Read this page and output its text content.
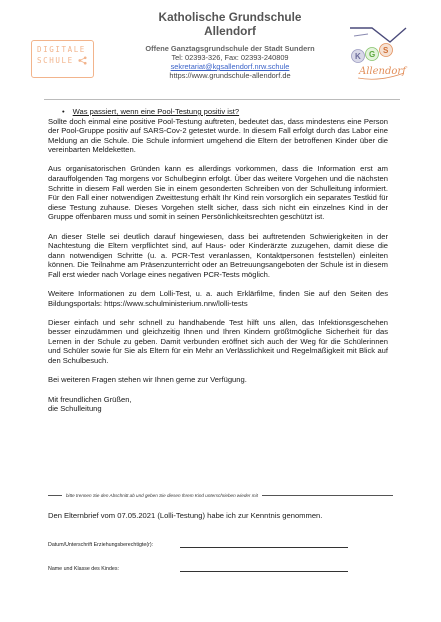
DIGITALE
SCHULE
Katholische Grundschule
Allendorf
Offene Ganztagsgrundschule der Stadt Sundern
Tel: 02393-326, Fax: 02393-240809
sekretariat@kgsallendorf.nrw.schule
https://www.grundschule-allendorf.de
K G S
Allendorf
• Was passiert, wenn eine Pool-Testung positiv ist?

Sollte doch einmal eine positive Pool-Testung auftreten, bedeutet das, dass mindestens eine Person der Pool-Gruppe positiv auf SARS-Cov-2 getestet wurde. In diesem Fall erfolgt durch das Labor eine Meldung an die Schule. Die Schule informiert umgehend die Eltern der betroffenen Kinder über die vereinbarten Meldeketten.

Aus organisatorischen Gründen kann es allerdings vorkommen, dass die Information erst am darauffolgenden Tag morgens vor Schulbeginn erfolgt. Über das weitere Vorgehen und die nächsten Schritte in diesem Fall werden Sie in einem gesonderten Schreiben von der Schulleitung informiert. Für den Fall einer notwendigen Zweittestung erhält Ihr Kind rein vorsorglich ein separates Testkid für diese Testung zuhause. Dieses Vorgehen stellt sicher, dass sich nicht ein einzelnes Kind in der Gruppe offenbaren muss und somit in seinen Persönlichkeitsrechten geschützt ist.

An dieser Stelle sei deutlich darauf hingewiesen, dass bei auftretenden Schwierigkeiten in der Nachtestung die Eltern verpflichtet sind, auf Haus- oder Kinderärzte zuzugehen, damit diese die dann notwendigen Schritte (u. a. PCR-Test veranlassen, Kontaktpersonen feststellen) einleiten können. Die Teilnahme am Präsenzunterricht oder an Betreuungsangeboten der Schule ist in diesem Fall erst wieder nach Vorlage eines negativen PCR-Tests möglich.

Weitere Informationen zu dem Lolli-Test, u. a. auch Erklärfilme, finden Sie auf den Seiten des Bildungsportals: https://www.schulministerium.nrw/lolli-tests

Dieser einfach und sehr schnell zu handhabende Test hilft uns allen, das Infektionsgeschehen besser einzudämmen und gleichzeitig Ihnen und Ihren Kindern größtmögliche Sicherheit für das Lernen in der Schule zu geben. Damit verbunden eröffnet sich auch der Weg für die Schülerinnen und Schüler sowie für Sie als Eltern für ein Mehr an Verlässlichkeit und Regelmäßigkeit mit Blick auf den Schulbesuch.

Bei weiteren Fragen stehen wir Ihnen gerne zur Verfügung.

Mit freundlichen Grüßen,
die Schulleitung
bitte trennen Sie den Abschnitt ab und geben Sie diesen Ihrem Kind unterschrieben wieder mit
Den Elternbrief vom 07.05.2021 (Lolli-Testung) habe ich zur Kenntnis genommen.
Datum/Unterschrift Erziehungsberechtigte(r):
Name und Klasse des Kindes:
